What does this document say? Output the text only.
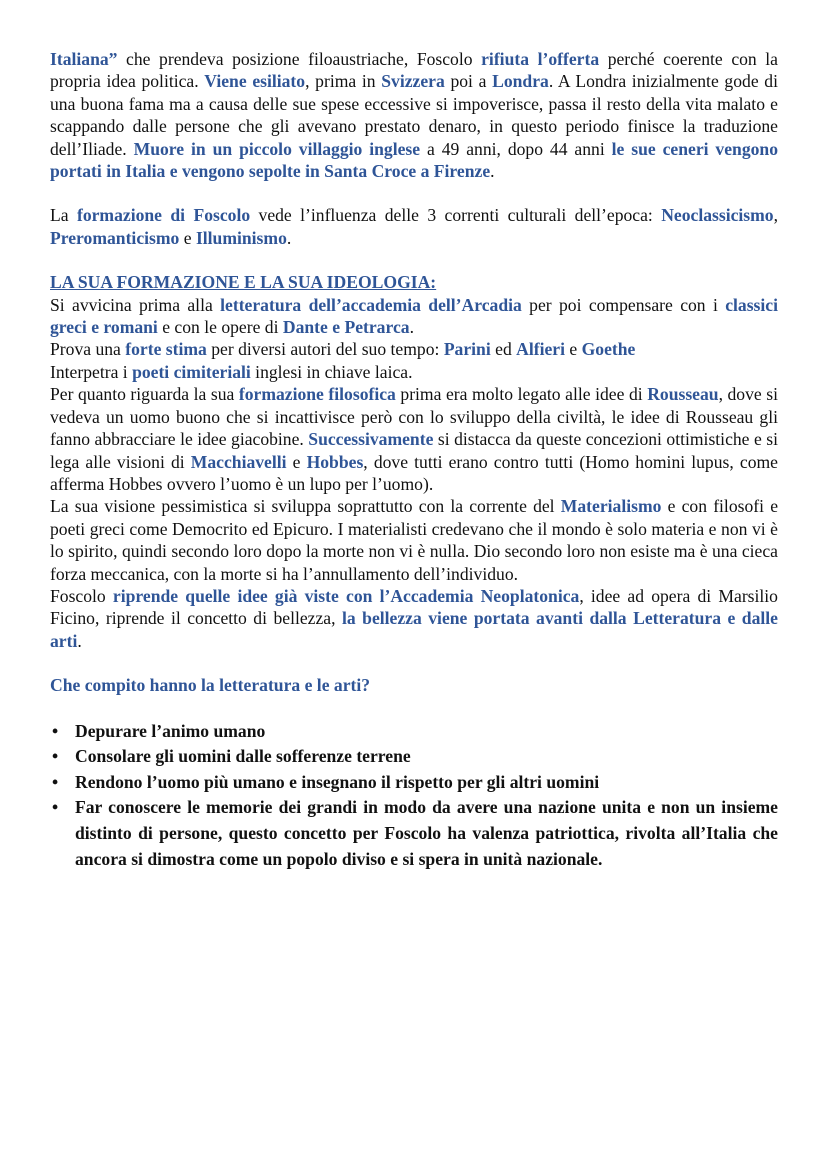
Italiana” che prendeva posizione filoaustriache, Foscolo rifiuta l’offerta perché coerente con la propria idea politica. Viene esiliato, prima in Svizzera poi a Londra. A Londra inizialmente gode di una buona fama ma a causa delle sue spese eccessive si impoverisce, passa il resto della vita malato e scappando dalle persone che gli avevano prestato denaro, in questo periodo finisce la traduzione dell’Iliade. Muore in un piccolo villaggio inglese a 49 anni, dopo 44 anni le sue ceneri vengono portati in Italia e vengono sepolte in Santa Croce a Firenze.

La formazione di Foscolo vede l’influenza delle 3 correnti culturali dell’epoca: Neoclassicismo, Preromanticismo e Illuminismo.

LA SUA FORMAZIONE E LA SUA IDEOLOGIA:

Si avvicina prima alla letteratura dell’accademia dell’Arcadia per poi compensare con i classici greci e romani e con le opere di Dante e Petrarca.

Prova una forte stima per diversi autori del suo tempo: Parini ed Alfieri e Goethe

Interpetra i poeti cimiteriali inglesi in chiave laica.

Per quanto riguarda la sua formazione filosofica prima era molto legato alle idee di Rousseau, dove si vedeva un uomo buono che si incattivisce però con lo sviluppo della civiltà, le idee di Rousseau gli fanno abbracciare le idee giacobine. Successivamente si distacca da queste concezioni ottimistiche e si lega alle visioni di Macchiavelli e Hobbes, dove tutti erano contro tutti (Homo homini lupus, come afferma Hobbes ovvero l’uomo è un lupo per l’uomo).

La sua visione pessimistica si sviluppa soprattutto con la corrente del Materialismo e con filosofi e poeti greci come Democrito ed Epicuro. I materialisti credevano che il mondo è solo materia e non vi è lo spirito, quindi secondo loro dopo la morte non vi è nulla. Dio secondo loro non esiste ma è una cieca forza meccanica, con la morte si ha l’annullamento dell’individuo.

Foscolo riprende quelle idee già viste con l’Accademia Neoplatonica, idee ad opera di Marsilio Ficino, riprende il concetto di bellezza, la bellezza viene portata avanti dalla Letteratura e dalle arti.

Che compito hanno la letteratura e le arti?

• Depurare l’animo umano
• Consolare gli uomini dalle sofferenze terrene
• Rendono l’uomo più umano e insegnano il rispetto per gli altri uomini
• Far conoscere le memorie dei grandi in modo da avere una nazione unita e non un insieme distinto di persone, questo concetto per Foscolo ha valenza patriottica, rivolta all’Italia che ancora si dimostra come un popolo diviso e si spera in unità nazionale.
